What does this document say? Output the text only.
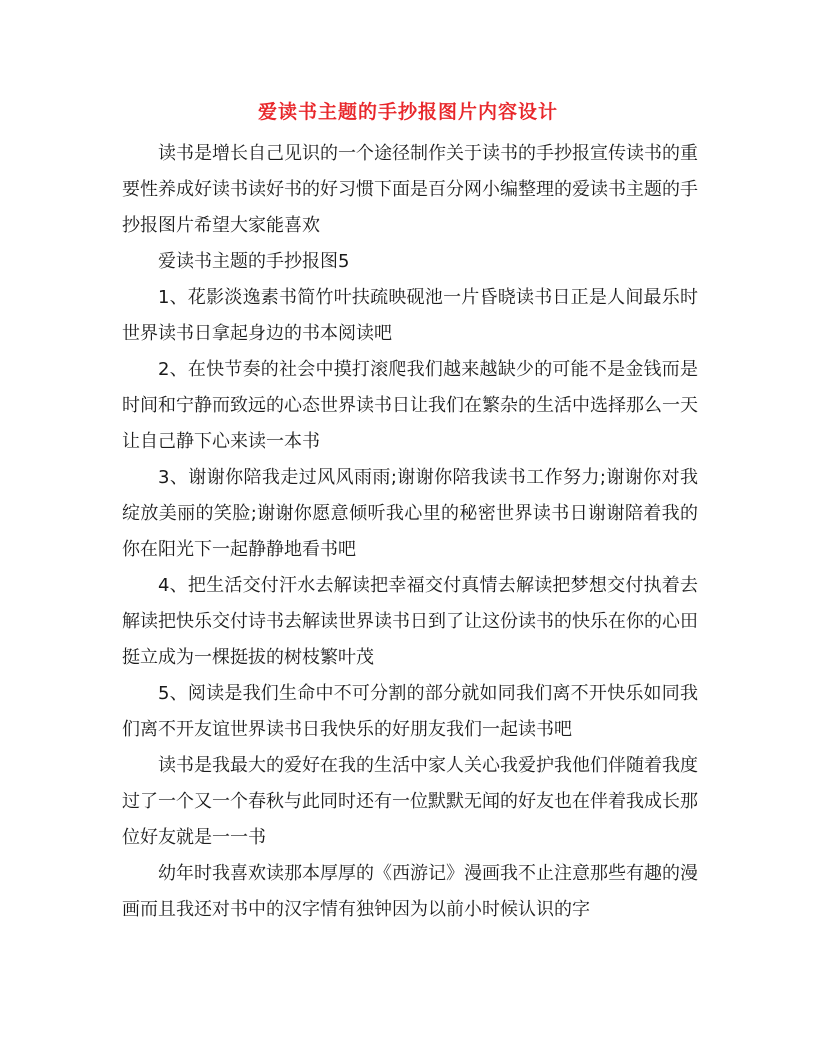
爱读书主题的手抄报图片内容设计

读书是增长自己见识的一个途径制作关于读书的手抄报宣传读书的重要性养成好读书读好书的好习惯下面是百分网小编整理的爱读书主题的手抄报图片希望大家能喜欢

爱读书主题的手抄报图5

1、花影淡逸素书简竹叶扶疏映砚池一片昏晓读书日正是人间最乐时世界读书日拿起身边的书本阅读吧

2、在快节奏的社会中摸打滚爬我们越来越缺少的可能不是金钱而是时间和宁静而致远的心态世界读书日让我们在繁杂的生活中选择那么一天让自己静下心来读一本书

3、谢谢你陪我走过风风雨雨;谢谢你陪我读书工作努力;谢谢你对我绽放美丽的笑脸;谢谢你愿意倾听我心里的秘密世界读书日谢谢陪着我的你在阳光下一起静静地看书吧

4、把生活交付汗水去解读把幸福交付真情去解读把梦想交付执着去解读把快乐交付诗书去解读世界读书日到了让这份读书的快乐在你的心田挺立成为一棵挺拔的树枝繁叶茂

5、阅读是我们生命中不可分割的部分就如同我们离不开快乐如同我们离不开友谊世界读书日我快乐的好朋友我们一起读书吧

读书是我最大的爱好在我的生活中家人关心我爱护我他们伴随着我度过了一个又一个春秋与此同时还有一位默默无闻的好友也在伴着我成长那位好友就是一一书

幼年时我喜欢读那本厚厚的《西游记》漫画我不止注意那些有趣的漫画而且我还对书中的汉字情有独钟因为以前小时候认识的字
